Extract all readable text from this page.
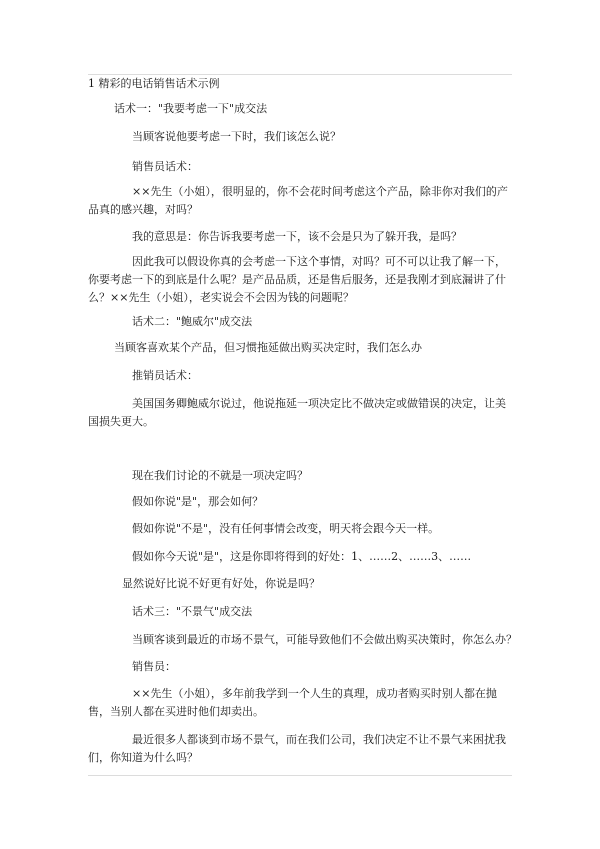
1 精彩的电话销售话术示例

话术一："我要考虑一下"成交法

当顾客说他要考虑一下时，我们该怎么说？

销售员话术：

××先生（小姐），很明显的，你不会花时间考虑这个产品，除非你对我们的产品真的感兴趣，对吗？

我的意思是：你告诉我要考虑一下，该不会是只为了躲开我，是吗？

因此我可以假设你真的会考虑一下这个事情，对吗？可不可以让我了解一下，你要考虑一下的到底是什么呢？是产品品质，还是售后服务，还是我刚才到底漏讲了什么？××先生（小姐），老实说会不会因为钱的问题呢？

话术二："鲍威尔"成交法

当顾客喜欢某个产品，但习惯拖延做出购买决定时，我们怎么办

推销员话术：

美国国务卿鲍威尔说过，他说拖延一项决定比不做决定或做错误的决定，让美国损失更大。

现在我们讨论的不就是一项决定吗？

假如你说"是"，那会如何？

假如你说"不是"，没有任何事情会改变，明天将会跟今天一样。

假如你今天说"是"，这是你即将得到的好处：1、……2、……3、……

显然说好比说不好更有好处，你说是吗？

话术三："不景气"成交法

当顾客谈到最近的市场不景气，可能导致他们不会做出购买决策时，你怎么办？

销售员：

××先生（小姐），多年前我学到一个人生的真理，成功者购买时别人都在抛售，当别人都在买进时他们却卖出。

最近很多人都谈到市场不景气，而在我们公司，我们决定不让不景气来困扰我们，你知道为什么吗？
